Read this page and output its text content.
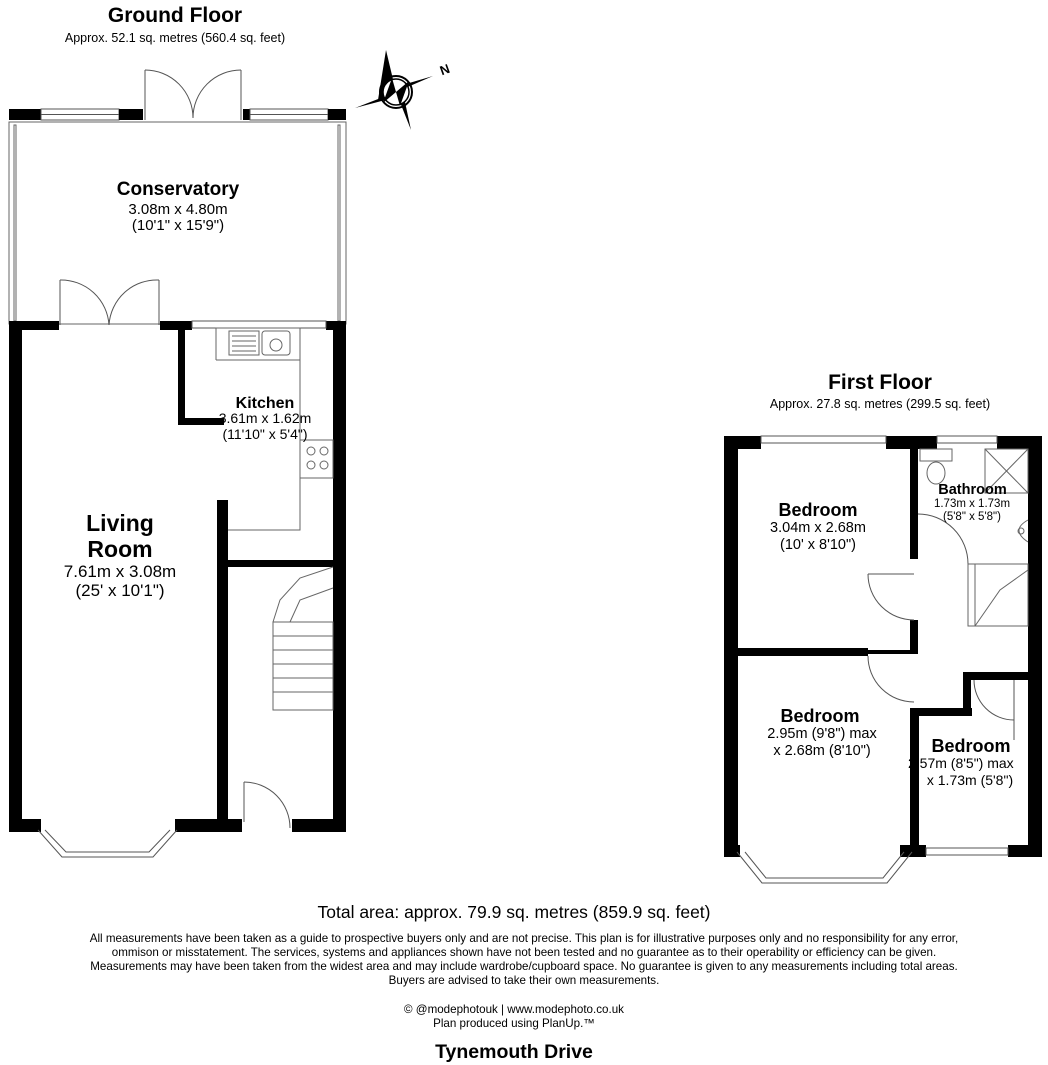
Ground Floor
Approx. 52.1 sq. metres (560.4 sq. feet)
Conservatory
3.08m x 4.80m
(10'1" x 15'9")
Kitchen
3.61m x 1.62m
(11'10" x 5'4")
Living
Room
7.61m x 3.08m
(25' x 10'1")
N
First Floor
Approx. 27.8 sq. metres (299.5 sq. feet)
Bedroom
3.04m x 2.68m
(10' x 8'10")
Bathroom
1.73m x 1.73m
(5'8" x 5'8")
Bedroom
2.95m (9'8") max
x 2.68m (8'10")	Bedroom
2.57m (8'5") max
x 1.73m (5'8")
Total area: approx. 79.9 sq. metres (859.9 sq. feet)
All measurements have been taken as a guide to prospective buyers only and are not precise. This plan is for illustrative purposes only and no responsibility for any error,
ommison or misstatement. The services, systems and appliances shown have not been tested and no guarantee as to their operability or efficiency can be given.
Measurements may have been taken from the widest area and may include wardrobe/cupboard space. No guarantee is given to any measurements including total areas.
Buyers are advised to take their own measurements.
© @modephotouk | www.modephoto.co.uk
Plan produced using PlanUp.™
Tynemouth Drive
